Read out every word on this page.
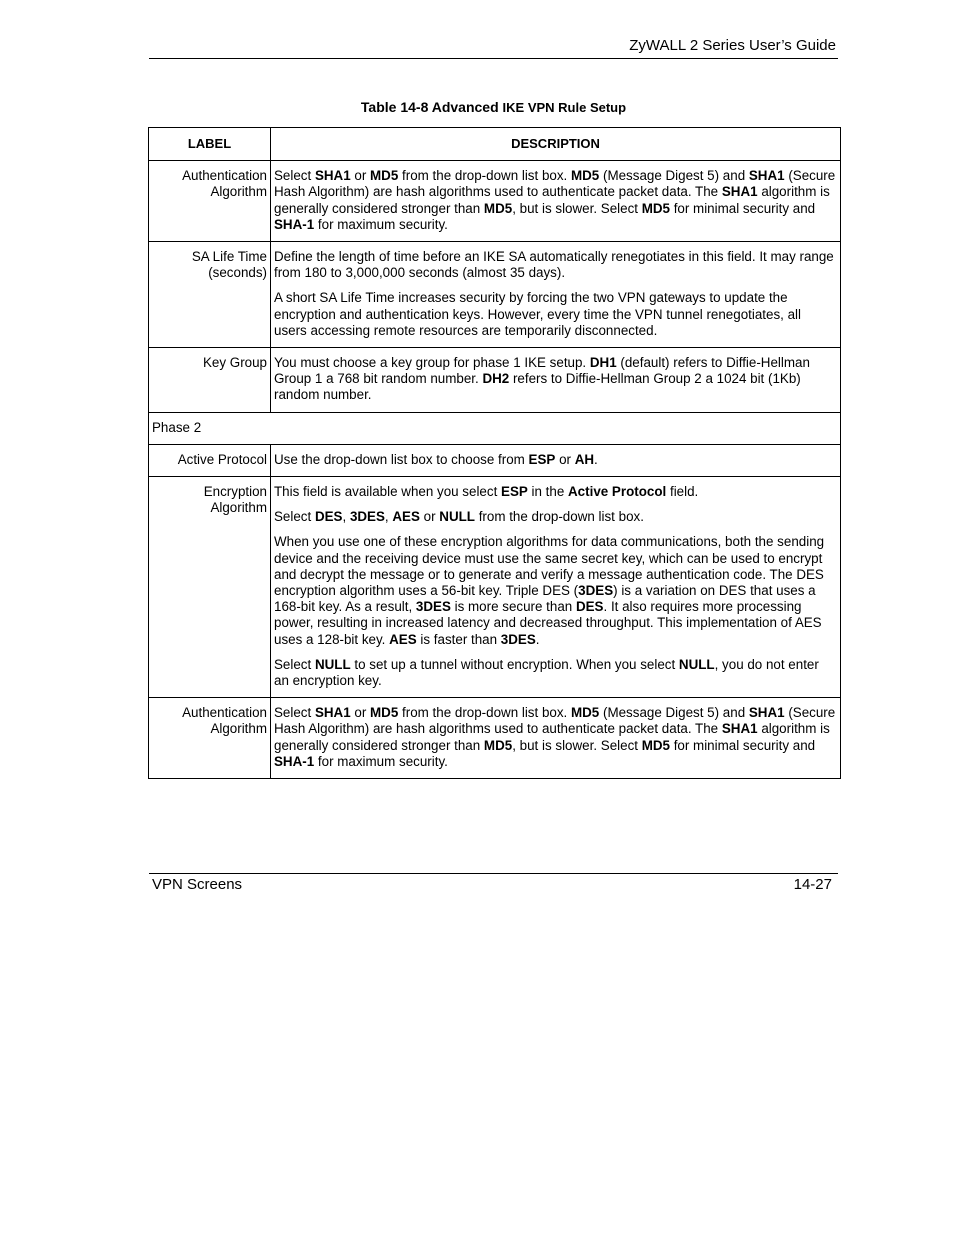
ZyWALL 2 Series User’s Guide
Table 14-8 Advanced IKE VPN Rule Setup
LABEL	DESCRIPTION
Authentication Algorithm	Select SHA1 or MD5 from the drop-down list box. MD5 (Message Digest 5) and SHA1 (Secure Hash Algorithm) are hash algorithms used to authenticate packet data. The SHA1 algorithm is generally considered stronger than MD5, but is slower. Select MD5 for minimal security and SHA-1 for maximum security.

SA Life Time (seconds)	Define the length of time before an IKE SA automatically renegotiates in this field. It may range from 180 to 3,000,000 seconds (almost 35 days).

A short SA Life Time increases security by forcing the two VPN gateways to update the encryption and authentication keys. However, every time the VPN tunnel renegotiates, all users accessing remote resources are temporarily disconnected.

Key Group	You must choose a key group for phase 1 IKE setup. DH1 (default) refers to Diffie-Hellman Group 1 a 768 bit random number. DH2 refers to Diffie-Hellman Group 2 a 1024 bit (1Kb) random number.

Phase 2	
Active Protocol	Use the drop-down list box to choose from ESP or AH.

Encryption Algorithm	This field is available when you select ESP in the Active Protocol field.

Select DES, 3DES, AES or NULL from the drop-down list box.

When you use one of these encryption algorithms for data communications, both the sending device and the receiving device must use the same secret key, which can be used to encrypt and decrypt the message or to generate and verify a message authentication code. The DES encryption algorithm uses a 56-bit key. Triple DES (3DES) is a variation on DES that uses a 168-bit key. As a result, 3DES is more secure than DES. It also requires more processing power, resulting in increased latency and decreased throughput. This implementation of AES uses a 128-bit key. AES is faster than 3DES.

Select NULL to set up a tunnel without encryption. When you select NULL, you do not enter an encryption key.

Authentication Algorithm	Select SHA1 or MD5 from the drop-down list box. MD5 (Message Digest 5) and SHA1 (Secure Hash Algorithm) are hash algorithms used to authenticate packet data. The SHA1 algorithm is generally considered stronger than MD5, but is slower. Select MD5 for minimal security and SHA-1 for maximum security.

VPN Screens	14-27
